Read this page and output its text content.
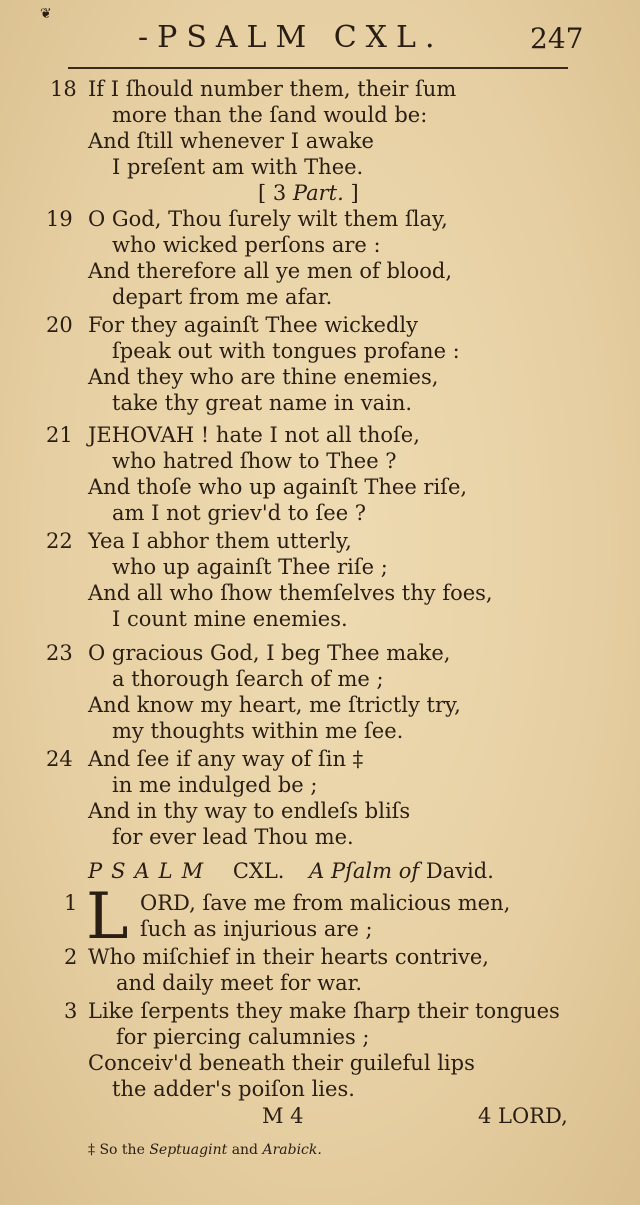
❦
-PSALM CXL.	247
18 If I ſhould number them, their ſum
more than the ſand would be:
And ſtill whenever I awake
I preſent am with Thee.
[ 3 Part. ]
19 O God, Thou ſurely wilt them ſlay,
who wicked perſons are :
And therefore all ye men of blood,
depart from me afar.
20 For they againſt Thee wickedly
ſpeak out with tongues profane :
And they who are thine enemies,
take thy great name in vain.
21 JEHOVAH ! hate I not all thoſe,
who hatred ſhow to Thee ?
And thoſe who up againſt Thee riſe,
am I not griev'd to ſee ?
22 Yea I abhor them utterly,
who up againſt Thee riſe ;
And all who ſhow themſelves thy foes,
I count mine enemies.
23 O gracious God, I beg Thee make,
a thorough ſearch of me ;
And know my heart, me ſtrictly try,
my thoughts within me ſee.
24 And ſee if any way of ſin ‡
in me indulged be ;
And in thy way to endleſs bliſs
for ever lead Thou me.
PSALM CXL. A Pſalm of David.
1 L ORD, ſave me from malicious men,
ſuch as injurious are ;
2 Who miſchief in their hearts contrive,
and daily meet for war.
3 Like ſerpents they make ſharp their tongues
for piercing calumnies ;
Conceiv'd beneath their guileful lips
the adder's poiſon lies.
M 4	4 LORD,
‡ So the Septuagint and Arabick.
